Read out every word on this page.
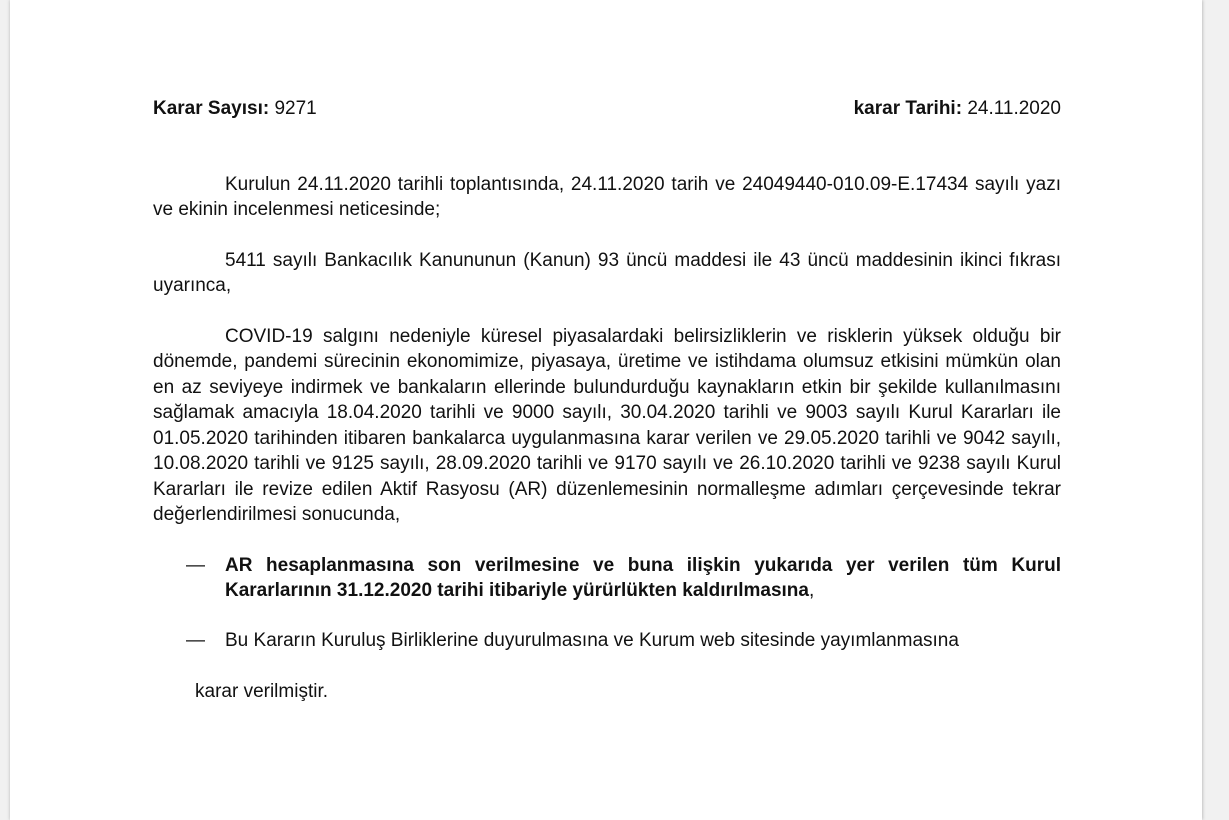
Karar Sayısı: 9271	karar Tarihi: 24.11.2020

Kurulun 24.11.2020 tarihli toplantısında, 24.11.2020 tarih ve 24049440-010.09-E.17434 sayılı yazı ve ekinin incelenmesi neticesinde;

5411 sayılı Bankacılık Kanununun (Kanun) 93 üncü maddesi ile 43 üncü maddesinin ikinci fıkrası uyarınca,

COVID-19 salgını nedeniyle küresel piyasalardaki belirsizliklerin ve risklerin yüksek olduğu bir dönemde, pandemi sürecinin ekonomimize, piyasaya, üretime ve istihdama olumsuz etkisini mümkün olan en az seviyeye indirmek ve bankaların ellerinde bulundurduğu kaynakların etkin bir şekilde kullanılmasını sağlamak amacıyla 18.04.2020 tarihli ve 9000 sayılı, 30.04.2020 tarihli ve 9003 sayılı Kurul Kararları ile 01.05.2020 tarihinden itibaren bankalarca uygulanmasına karar verilen ve 29.05.2020 tarihli ve 9042 sayılı, 10.08.2020 tarihli ve 9125 sayılı, 28.09.2020 tarihli ve 9170 sayılı ve 26.10.2020 tarihli ve 9238 sayılı Kurul Kararları ile revize edilen Aktif Rasyosu (AR) düzenlemesinin normalleşme adımları çerçevesinde tekrar değerlendirilmesi sonucunda,

— AR hesaplanmasına son verilmesine ve buna ilişkin yukarıda yer verilen tüm Kurul Kararlarının 31.12.2020 tarihi itibariyle yürürlükten kaldırılmasına,
— Bu Kararın Kuruluş Birliklerine duyurulmasına ve Kurum web sitesinde yayımlanmasına
karar verilmiştir.
